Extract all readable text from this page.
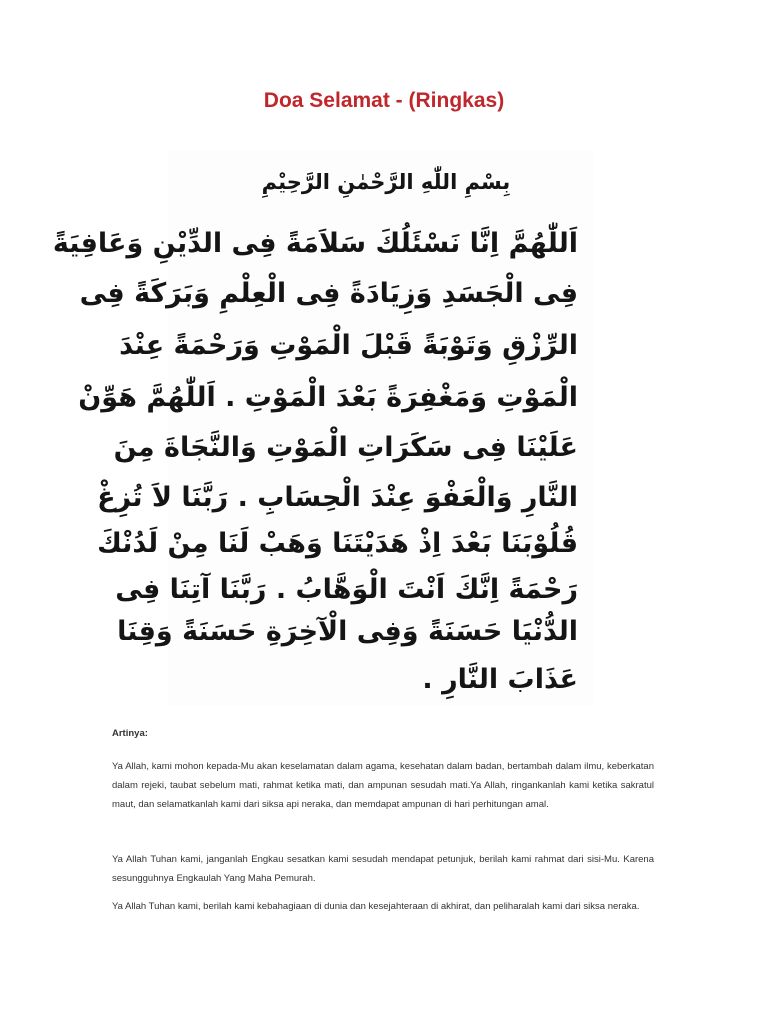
Doa Selamat - (Ringkas)
بِسْمِ اللّٰهِ الرَّحْمٰنِ الرَّحِيْمِ
اَللّٰهُمَّ اِنَّا نَسْئَلُكَ سَلاَمَةً فِى الدِّيْنِ وَعَافِيَةً
فِى الْجَسَدِ وَزِيَادَةً فِى الْعِلْمِ وَبَرَكَةً فِى
الرِّزْقِ وَتَوْبَةً قَبْلَ الْمَوْتِ وَرَحْمَةً عِنْدَ
الْمَوْتِ وَمَغْفِرَةً بَعْدَ الْمَوْتِ . اَللّٰهُمَّ هَوِّنْ
عَلَيْنَا فِى سَكَرَاتِ الْمَوْتِ وَالنَّجَاةَ مِنَ
النَّارِ وَالْعَفْوَ عِنْدَ الْحِسَابِ . رَبَّنَا لاَ تُزِغْ
قُلُوْبَنَا بَعْدَ اِذْ هَدَيْتَنَا وَهَبْ لَنَا مِنْ لَدُنْكَ
رَحْمَةً اِنَّكَ اَنْتَ الْوَهَّابُ . رَبَّنَا آتِنَا فِى
الدُّنْيَا حَسَنَةً وَفِى الْآخِرَةِ حَسَنَةً وَقِنَا
عَذَابَ النَّارِ .
Artinya:

Ya Allah, kami mohon kepada-Mu akan keselamatan dalam agama, kesehatan dalam badan, bertambah dalam ilmu, keberkatan dalam rejeki, taubat sebelum mati, rahmat ketika mati, dan ampunan sesudah mati.Ya Allah, ringankanlah kami ketika sakratul maut, dan selamatkanlah kami dari siksa api neraka, dan memdapat ampunan di hari perhitungan amal.

Ya Allah Tuhan kami, janganlah Engkau sesatkan kami sesudah mendapat petunjuk, berilah kami rahmat dari sisi-Mu. Karena sesungguhnya Engkaulah Yang Maha Pemurah.

Ya Allah Tuhan kami, berilah kami kebahagiaan di dunia dan kesejahteraan di akhirat, dan peliharalah kami dari siksa neraka.
